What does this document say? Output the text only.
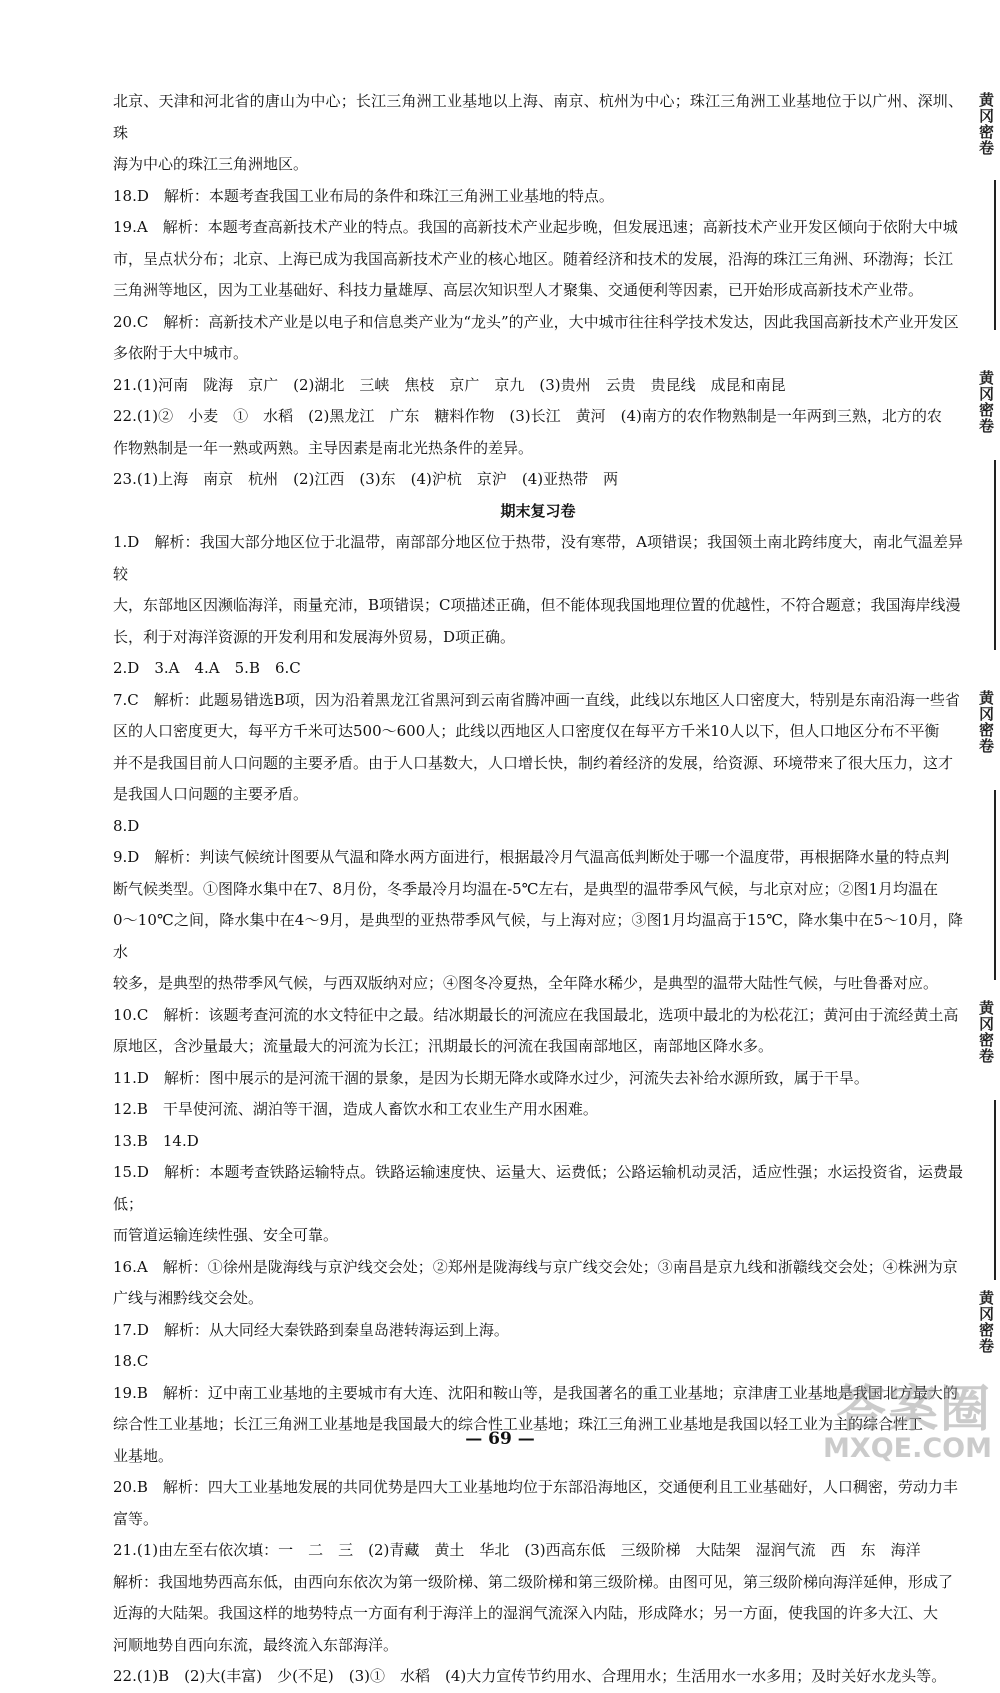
北京、天津和河北省的唐山为中心；长江三角洲工业基地以上海、南京、杭州为中心；珠江三角洲工业基地位于以广州、深圳、珠

海为中心的珠江三角洲地区。

18.D　解析：本题考查我国工业布局的条件和珠江三角洲工业基地的特点。

19.A　解析：本题考查高新技术产业的特点。我国的高新技术产业起步晚，但发展迅速；高新技术产业开发区倾向于依附大中城

市，呈点状分布；北京、上海已成为我国高新技术产业的核心地区。随着经济和技术的发展，沿海的珠江三角洲、环渤海；长江

三角洲等地区，因为工业基础好、科技力量雄厚、高层次知识型人才聚集、交通便利等因素，已开始形成高新技术产业带。

20.C　解析：高新技术产业是以电子和信息类产业为“龙头”的产业，大中城市往往科学技术发达，因此我国高新技术产业开发区

多依附于大中城市。

21.(1)河南　陇海　京广　(2)湖北　三峡　焦枝　京广　京九　(3)贵州　云贵　贵昆线　成昆和南昆

22.(1)②　小麦　①　水稻　(2)黑龙江　广东　糖料作物　(3)长江　黄河　(4)南方的农作物熟制是一年两到三熟，北方的农

作物熟制是一年一熟或两熟。主导因素是南北光热条件的差异。

23.(1)上海　南京　杭州　(2)江西　(3)东　(4)沪杭　京沪　(4)亚热带　两

期末复习卷

1.D　解析：我国大部分地区位于北温带，南部部分地区位于热带，没有寒带，A项错误；我国领土南北跨纬度大，南北气温差异较

大，东部地区因濒临海洋，雨量充沛，B项错误；C项描述正确，但不能体现我国地理位置的优越性，不符合题意；我国海岸线漫

长，利于对海洋资源的开发利用和发展海外贸易，D项正确。

2.D　3.A　4.A　5.B　6.C

7.C　解析：此题易错选B项，因为沿着黑龙江省黑河到云南省腾冲画一直线，此线以东地区人口密度大，特别是东南沿海一些省

区的人口密度更大，每平方千米可达500～600人；此线以西地区人口密度仅在每平方千米10人以下，但人口地区分布不平衡

并不是我国目前人口问题的主要矛盾。由于人口基数大，人口增长快，制约着经济的发展，给资源、环境带来了很大压力，这才

是我国人口问题的主要矛盾。

8.D

9.D　解析：判读气候统计图要从气温和降水两方面进行，根据最冷月气温高低判断处于哪一个温度带，再根据降水量的特点判

断气候类型。①图降水集中在7、8月份，冬季最冷月均温在-5℃左右，是典型的温带季风气候，与北京对应；②图1月均温在

0～10℃之间，降水集中在4～9月，是典型的亚热带季风气候，与上海对应；③图1月均温高于15℃，降水集中在5～10月，降水

较多，是典型的热带季风气候，与西双版纳对应；④图冬冷夏热，全年降水稀少，是典型的温带大陆性气候，与吐鲁番对应。

10.C　解析：该题考查河流的水文特征中之最。结冰期最长的河流应在我国最北，选项中最北的为松花江；黄河由于流经黄土高

原地区，含沙量最大；流量最大的河流为长江；汛期最长的河流在我国南部地区，南部地区降水多。

11.D　解析：图中展示的是河流干涸的景象，是因为长期无降水或降水过少，河流失去补给水源所致，属于干旱。

12.B　干旱使河流、湖泊等干涸，造成人畜饮水和工农业生产用水困难。

13.B　14.D

15.D　解析：本题考查铁路运输特点。铁路运输速度快、运量大、运费低；公路运输机动灵活，适应性强；水运投资省，运费最低；

而管道运输连续性强、安全可靠。

16.A　解析：①徐州是陇海线与京沪线交会处；②郑州是陇海线与京广线交会处；③南昌是京九线和浙赣线交会处；④株洲为京

广线与湘黔线交会处。

17.D　解析：从大同经大秦铁路到秦皇岛港转海运到上海。

18.C

19.B　解析：辽中南工业基地的主要城市有大连、沈阳和鞍山等，是我国著名的重工业基地；京津唐工业基地是我国北方最大的

综合性工业基地；长江三角洲工业基地是我国最大的综合性工业基地；珠江三角洲工业基地是我国以轻工业为主的综合性工

业基地。

20.B　解析：四大工业基地发展的共同优势是四大工业基地均位于东部沿海地区，交通便利且工业基础好，人口稠密，劳动力丰

富等。

21.(1)由左至右依次填：一　二　三　(2)青藏　黄土　华北　(3)西高东低　三级阶梯　大陆架　湿润气流　西　东　海洋

解析：我国地势西高东低，由西向东依次为第一级阶梯、第二级阶梯和第三级阶梯。由图可见，第三级阶梯向海洋延伸，形成了

近海的大陆架。我国这样的地势特点一方面有利于海洋上的湿润气流深入内陆，形成降水；另一方面，使我国的许多大江、大

河顺地势自西向东流，最终流入东部海洋。

22.(1)B　(2)大(丰富)　少(不足)　(3)①　水稻　(4)大力宣传节约用水、合理用水；生活用水一水多用；及时关好水龙头等。

— 69 —
黄冈密卷
黄冈密卷
黄冈密卷
黄冈密卷
黄冈密卷
答案圈
MXQE.COM
